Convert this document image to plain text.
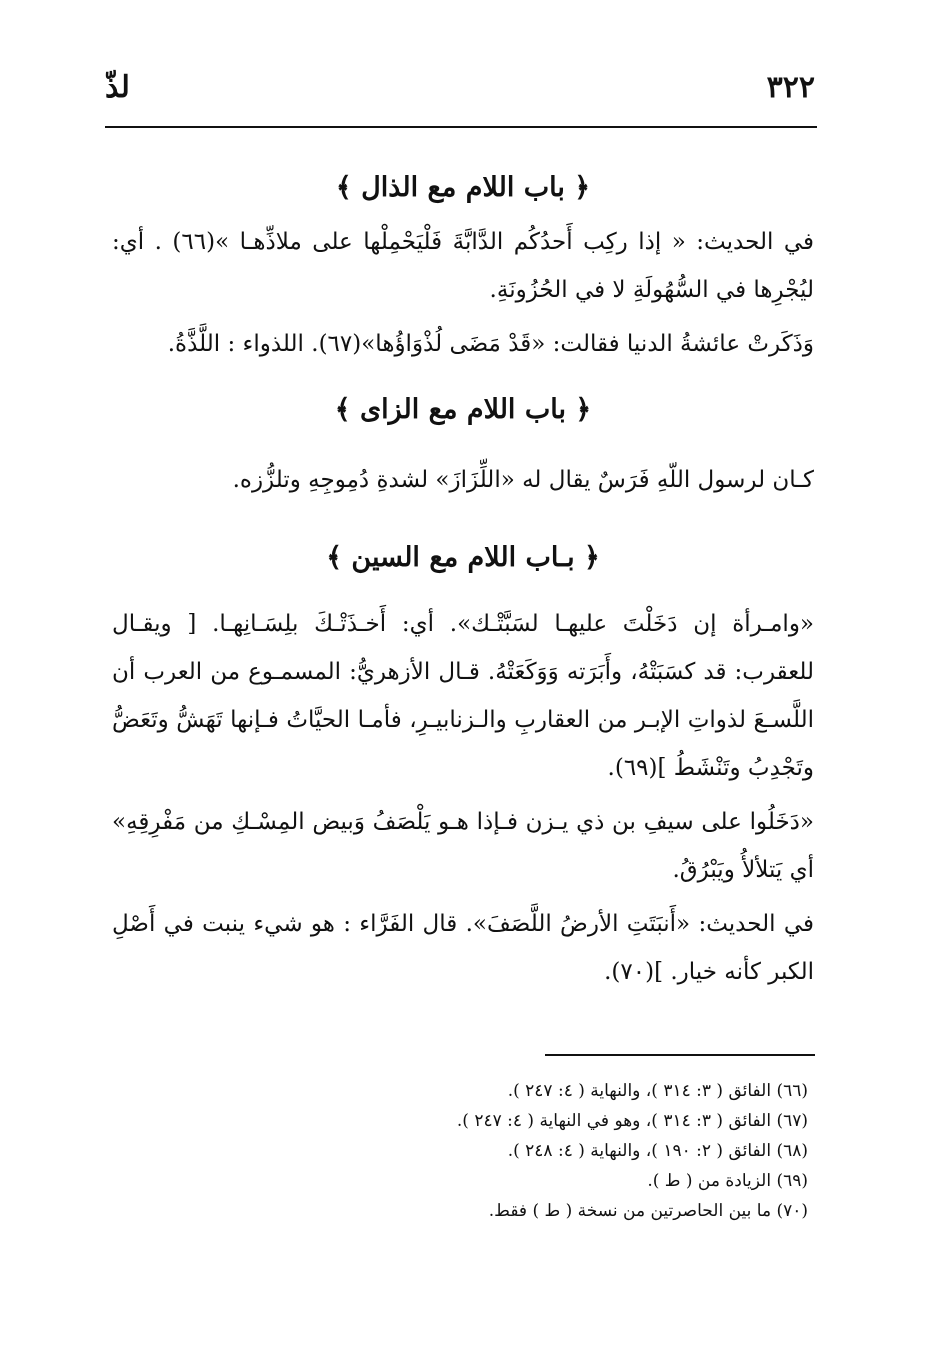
٣٢٢
لذّ
﴿ باب اللام مع الذال ﴾

في الحديث: « إذا ركِب أَحدُكُم الدَّابَّةَ فَلْيَحْمِلْها على ملاذِّهـا »(٦٦) . أي: ليُجْرِها في السُّهُولَةِ لا في الحُزُونَةِ.

وَذَكَرتْ عائشةُ الدنيا فقالت: «قَدْ مَضَى لُذْوَاؤُها»(٦٧). اللذواء : اللَّذَّةُ.

﴿ باب اللام مع الزاى ﴾

كـان لرسول اللّهِ فَرَسٌ يقال له «اللِّزَازَ» لشدةِ دُمِوجِهِ وتلزُّزه.

﴿ بـاب اللام مع السين ﴾

«وامـرأة إن دَخَلْتَ عليهـا لسَبَّتْـك». أي: أَخـذَتْـكَ بلِسَـانِهـا. [ ويقـال للعقرب: قد كسَبَتْهُ، وأَبَرَته وَوَكَعَتْهُ. قـال الأزهريُّ: المسمـوع من العرب أن اللَّسـعَ لذواتِ الإبـر من العقاربِ والـزنابيـرِ، فأمـا الحيَّاتُ فـإنها تَهَشُّ وتَعَضُّ وتَجْدِبُ وتَنْشَطُ ](٦٩).

«دَخَلُوا على سيفِ بن ذي يـزن فـإذا هـو يَلْصَفُ وَبيض المِسْـكِ من مَفْرِقِهِ» أي يَتلألأُ ويَبْرُقُ.

في الحديث: «أَنبَتَتِ الأرضُ اللَّصَفَ». قال الفَرَّاء : هو شيء ينبت في أَصْلِ الكبر كأنه خيار. ](٧٠).

(٦٦) الفائق ( ٣: ٣١٤ )، والنهاية ( ٤: ٢٤٧ ).

(٦٧) الفائق ( ٣: ٣١٤ )، وهو في النهاية ( ٤: ٢٤٧ ).

(٦٨) الفائق ( ٢: ١٩٠ )، والنهاية ( ٤: ٢٤٨ ).

(٦٩) الزيادة من ( ط ).

(٧٠) ما بين الحاصرتين من نسخة ( ط ) فقط.
